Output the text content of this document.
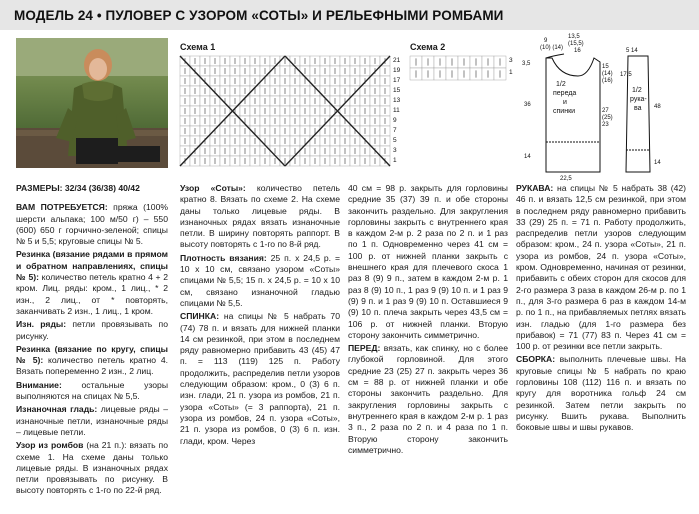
МОДЕЛЬ 24 • ПУЛОВЕР С УЗОРОМ «СОТЫ» И РЕЛЬЕФНЫМИ РОМБАМИ
Схема 1
21
19
17
15
13
11
9
7
5
3
1
Схема 2
3
1
1/2
переда
и
спинки
1/2
рука-
ва
9
(10) (14)
13,5
(15,5)
16
15
(14)
(16)
3,5
36
27
(25)
23
14
22,5
5 14
17,5
48
14

РАЗМЕРЫ: 32/34 (36/38) 40/42

ВАМ ПОТРЕБУЕТСЯ: пряжа (100% шерсти альпака; 100 м/50 г) – 550 (600) 650 г горчично-зеленой; спицы № 5 и 5,5; круговые спицы № 5.

Резинка (вязание рядами в прямом и обратном направлениях, спицы № 5): количество петель кратно 4 + 2 кром. Лиц. ряды: кром., 1 лиц., * 2 изн., 2 лиц., от * повторять, заканчивать 2 изн., 1 лиц., 1 кром.

Изн. ряды: петли провязывать по рисунку.

Резинка (вязание по кругу, спицы № 5): количество петель кратно 4. Вязать попеременно 2 изн., 2 лиц.

Внимание: остальные узоры выполняются на спицах № 5,5.

Изнаночная гладь: лицевые ряды – изнаночные петли, изнаночные ряды – лицевые петли.

Узор из ромбов (на 21 п.): вязать по схеме 1. На схеме даны только лицевые ряды. В изнаночных рядах петли провязывать по рисунку. В высоту повторять с 1-го по 22-й ряд.

Узор «Соты»: количество петель кратно 8. Вязать по схеме 2. На схеме даны только лицевые ряды. В изнаночных рядах вязать изнаночные петли. В ширину повторять раппорт. В высоту повторять с 1-го по 8-й ряд.

Плотность вязания: 25 п. х 24,5 р. = 10 х 10 см, связано узором «Соты» спицами № 5,5; 15 п. х 24,5 р. = 10 х 10 см, связано изнаночной гладью спицами № 5,5.

СПИНКА: на спицы № 5 набрать 70 (74) 78 п. и вязать для нижней планки 14 см резинкой, при этом в последнем ряду равномерно прибавить 43 (45) 47 п. = 113 (119) 125 п. Работу продолжить, распределив петли узоров следующим образом: кром., 0 (3) 6 п. изн. глади, 21 п. узора из ромбов, 21 п. узора «Соты» (= 3 раппорта), 21 п. узора из ромбов, 24 п. узора «Соты», 21 п. узора из ромбов, 0 (3) 6 п. изн. глади, кром. Через

40 см = 98 р. закрыть для горловины средние 35 (37) 39 п. и обе стороны закончить раздельно. Для закругления горловины закрыть с внутреннего края в каждом 2-м р. 2 раза по 2 п. и 1 раз по 1 п. Одновременно через 41 см = 100 р. от нижней планки закрыть с внешнего края для плечевого скоса 1 раз 8 (9) 9 п., затем в каждом 2-м р. 1 раз 8 (9) 10 п., 1 раз 9 (9) 10 п. и 1 раз 9 (9) 9 п. и 1 раз 9 (9) 10 п. Оставшиеся 9 (9) 10 п. плеча закрыть через 43,5 см = 106 р. от нижней планки. Вторую сторону закончить симметрично.

ПЕРЕД: вязать, как спинку, но с более глубокой горловиной. Для этого средние 23 (25) 27 п. закрыть через 36 см = 88 р. от нижней планки и обе стороны закончить раздельно. Для закругления горловины закрыть с внутреннего края в каждом 2-м р. 1 раз 3 п., 2 раза по 2 п. и 4 раза по 1 п. Вторую сторону закончить симметрично.

РУКАВА: на спицы № 5 набрать 38 (42) 46 п. и вязать 12,5 см резинкой, при этом в последнем ряду равномерно прибавить 33 (29) 25 п. = 71 п. Работу продолжить, распределив петли узоров следующим образом: кром., 24 п. узора «Соты», 21 п. узора из ромбов, 24 п. узора «Соты», кром. Одновременно, начиная от резинки, прибавить с обеих сторон для скосов для 2-го размера 3 раза в каждом 26-м р. по 1 п., для 3-го размера 6 раз в каждом 14-м р. по 1 п., на прибавляемых петлях вязать изн. гладью (для 1-го размера без прибавок) = 71 (77) 83 п. Через 41 см = 100 р. от резинки все петли закрыть.

СБОРКА: выполнить плечевые швы. На круговые спицы № 5 набрать по краю горловины 108 (112) 116 п. и вязать по кругу для воротника гольф 24 см резинкой. Затем петли закрыть по рисунку. Вшить рукава. Выполнить боковые швы и швы рукавов.
